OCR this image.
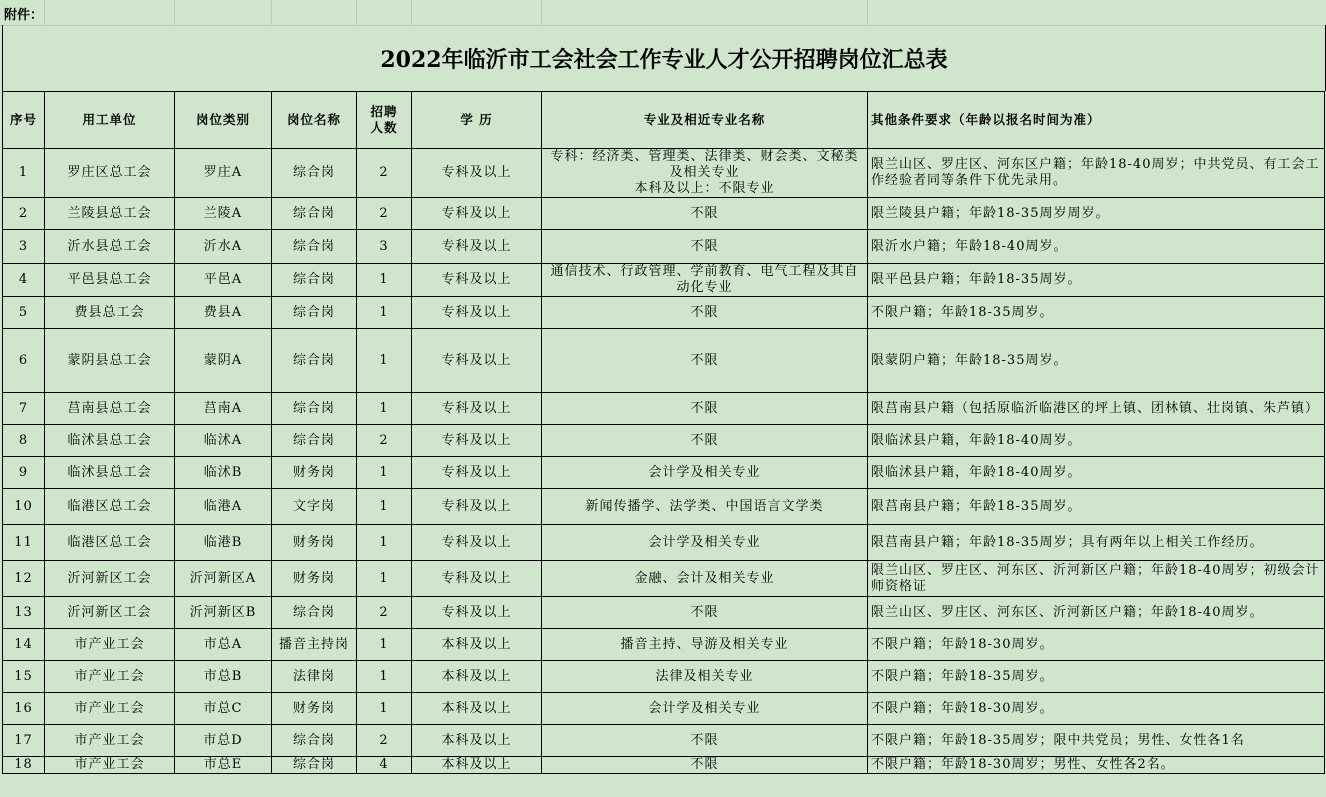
附件：
2022年临沂市工会社会工作专业人才公开招聘岗位汇总表
序号	用工单位	岗位类别	岗位名称	招聘
人数	学 历	专业及相近专业名称	其他条件要求（年龄以报名时间为准）
1	罗庄区总工会	罗庄A	综合岗	2	专科及以上	专科：经济类、管理类、法律类、财会类、文秘类及相关专业
本科及以上：不限专业	限兰山区、罗庄区、河东区户籍；年龄18-40周岁；中共党员、有工会工作经验者同等条件下优先录用。
2	兰陵县总工会	兰陵A	综合岗	2	专科及以上	不限	限兰陵县户籍；年龄18-35周岁周岁。
3	沂水县总工会	沂水A	综合岗	3	专科及以上	不限	限沂水户籍；年龄18-40周岁。
4	平邑县总工会	平邑A	综合岗	1	专科及以上	通信技术、行政管理、学前教育、电气工程及其自动化专业	限平邑县户籍；年龄18-35周岁。
5	费县总工会	费县A	综合岗	1	专科及以上	不限	不限户籍；年龄18-35周岁。
6	蒙阴县总工会	蒙阴A	综合岗	1	专科及以上	不限	限蒙阴户籍；年龄18-35周岁。
7	莒南县总工会	莒南A	综合岗	1	专科及以上	不限	限莒南县户籍（包括原临沂临港区的坪上镇、团林镇、壮岗镇、朱芦镇）
8	临沭县总工会	临沭A	综合岗	2	专科及以上	不限	限临沭县户籍，年龄18-40周岁。
9	临沭县总工会	临沭B	财务岗	1	专科及以上	会计学及相关专业	限临沭县户籍，年龄18-40周岁。
10	临港区总工会	临港A	文字岗	1	专科及以上	新闻传播学、法学类、中国语言文学类	限莒南县户籍；年龄18-35周岁。
11	临港区总工会	临港B	财务岗	1	专科及以上	会计学及相关专业	限莒南县户籍；年龄18-35周岁；具有两年以上相关工作经历。
12	沂河新区工会	沂河新区A	财务岗	1	专科及以上	金融、会计及相关专业	限兰山区、罗庄区、河东区、沂河新区户籍；年龄18-40周岁；初级会计师资格证
13	沂河新区工会	沂河新区B	综合岗	2	专科及以上	不限	限兰山区、罗庄区、河东区、沂河新区户籍；年龄18-40周岁。
14	市产业工会	市总A	播音主持岗	1	本科及以上	播音主持、导游及相关专业	不限户籍；年龄18-30周岁。
15	市产业工会	市总B	法律岗	1	本科及以上	法律及相关专业	不限户籍；年龄18-35周岁。
16	市产业工会	市总C	财务岗	1	本科及以上	会计学及相关专业	不限户籍；年龄18-30周岁。
17	市产业工会	市总D	综合岗	2	本科及以上	不限	不限户籍；年龄18-35周岁；限中共党员；男性、女性各1名
18	市产业工会	市总E	综合岗	4	本科及以上	不限	不限户籍；年龄18-30周岁；男性、女性各2名。
